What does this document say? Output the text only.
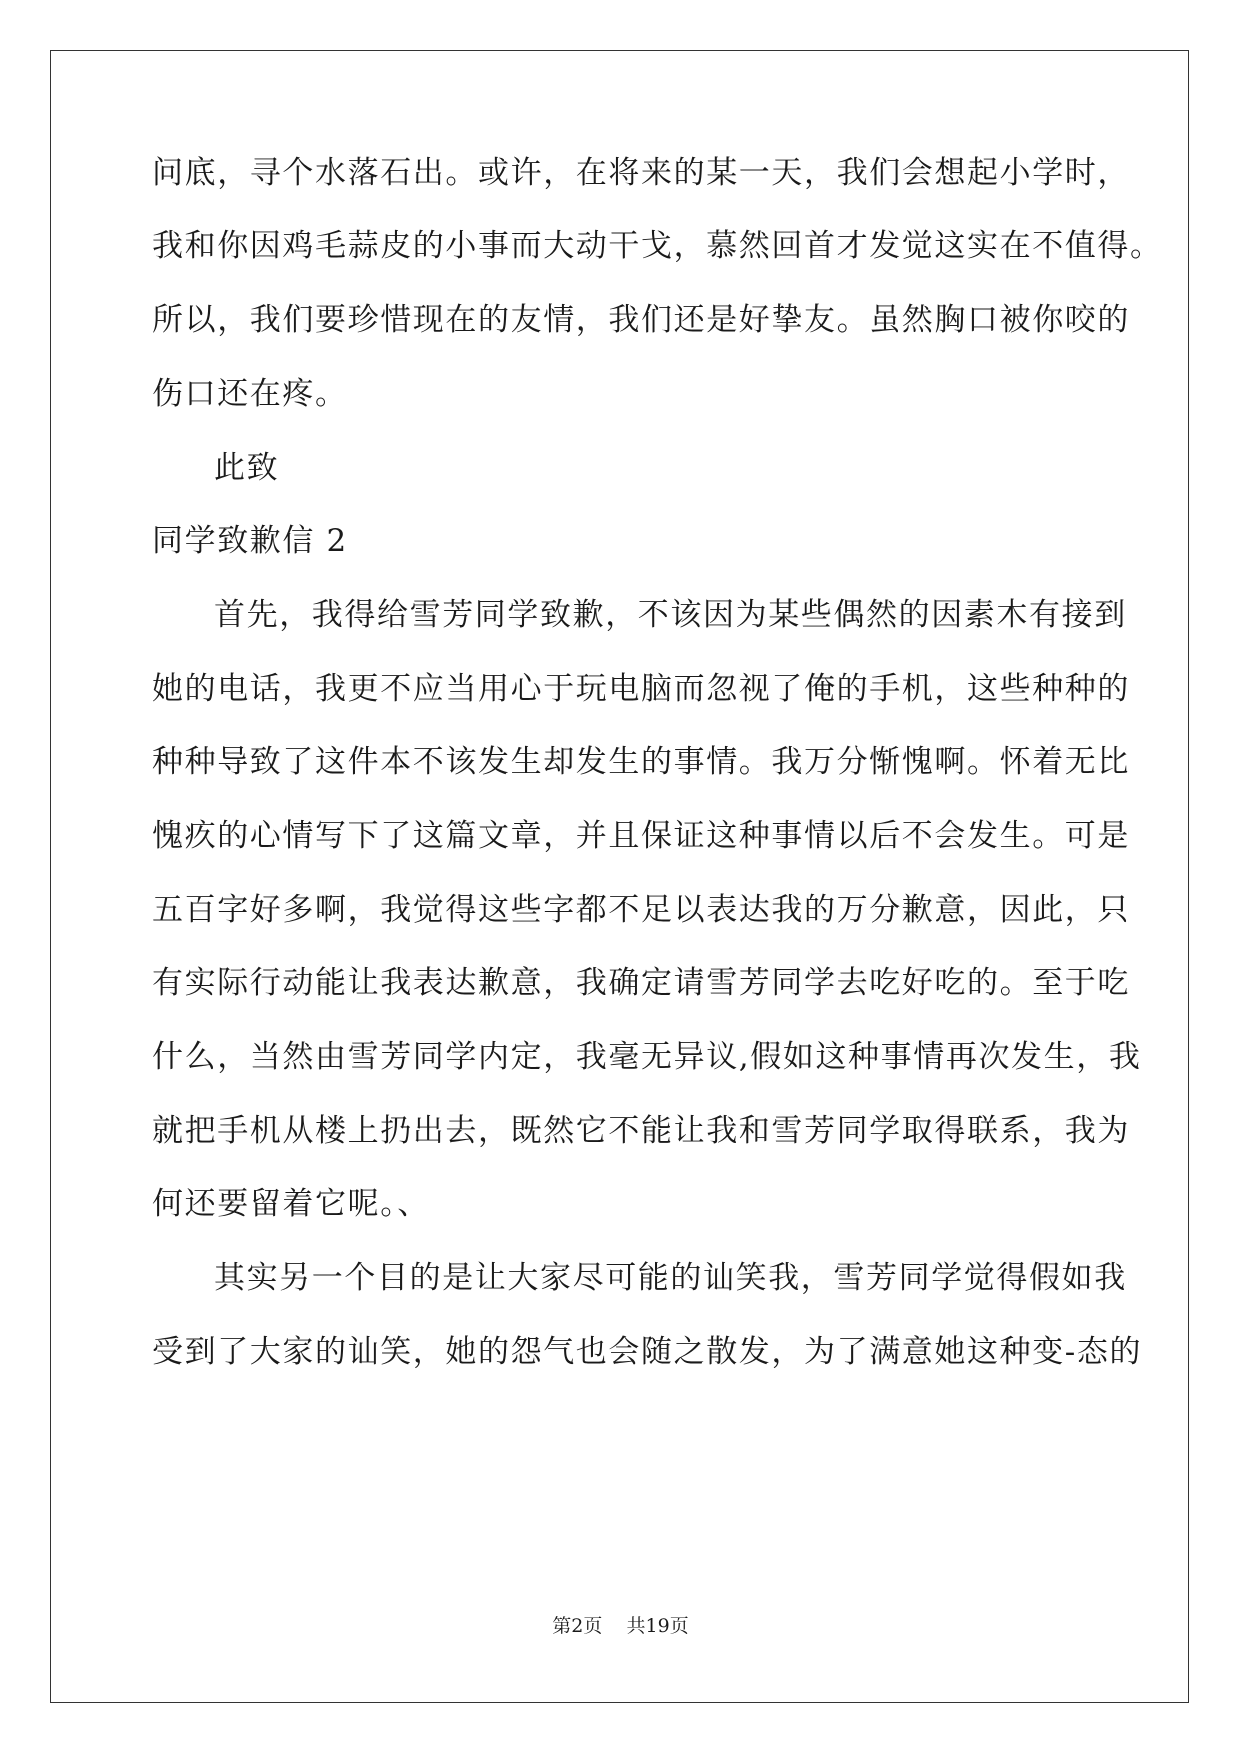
问底，寻个水落石出。或许，在将来的某一天，我们会想起小学时，
我和你因鸡毛蒜皮的小事而大动干戈，慕然回首才发觉这实在不值得。
所以，我们要珍惜现在的友情，我们还是好挚友。虽然胸口被你咬的
伤口还在疼。
此致
同学致歉信 2
首先，我得给雪芳同学致歉，不该因为某些偶然的因素木有接到
她的电话，我更不应当用心于玩电脑而忽视了俺的手机，这些种种的
种种导致了这件本不该发生却发生的事情。我万分惭愧啊。怀着无比
愧疚的心情写下了这篇文章，并且保证这种事情以后不会发生。可是
五百字好多啊，我觉得这些字都不足以表达我的万分歉意，因此，只
有实际行动能让我表达歉意，我确定请雪芳同学去吃好吃的。至于吃
什么，当然由雪芳同学内定，我毫无异议,假如这种事情再次发生，我
就把手机从楼上扔出去，既然它不能让我和雪芳同学取得联系，我为
何还要留着它呢。、
其实另一个目的是让大家尽可能的讪笑我，雪芳同学觉得假如我
受到了大家的讪笑，她的怨气也会随之散发，为了满意她这种变-态的
第2页 共19页
